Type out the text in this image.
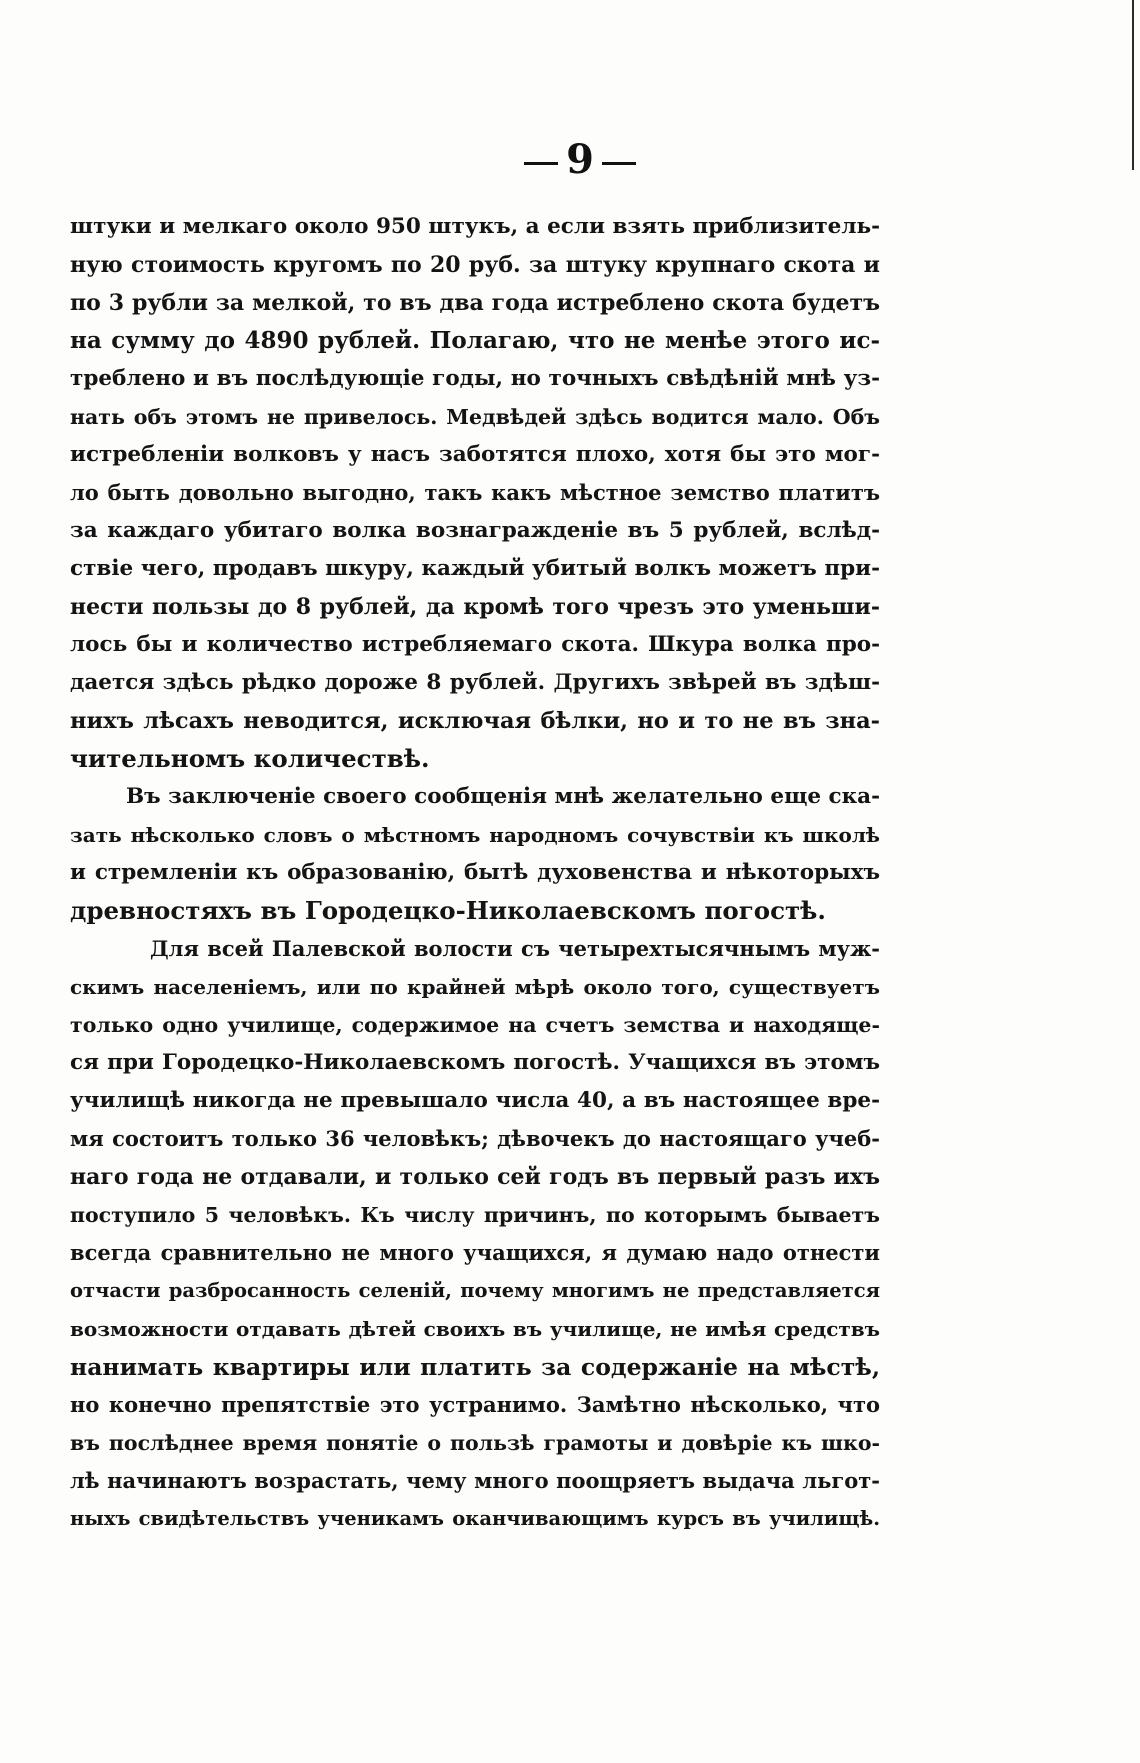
9
штуки и мелкаго около 950 штукъ, а если взять приблизитель-
ную стоимость кругомъ по 20 руб. за штуку крупнаго скота и
по 3 рубли за мелкой, то въ два года истреблено скота будетъ
на сумму до 4890 рублей. Полагаю, что не менѣе этого ис-
треблено и въ послѣдующіе годы, но точныхъ свѣдѣній мнѣ уз-
нать объ этомъ не привелось. Медвѣдей здѣсь водится мало. Объ
истребленіи волковъ у насъ заботятся плохо, хотя бы это мог-
ло быть довольно выгодно, такъ какъ мѣстное земство платитъ
за каждаго убитаго волка вознагражденіе въ 5 рублей, вслѣд-
ствіе чего, продавъ шкуру, каждый убитый волкъ можетъ при-
нести пользы до 8 рублей, да кромѣ того чрезъ это уменьши-
лось бы и количество истребляемаго скота. Шкура волка про-
дается здѣсь рѣдко дороже 8 рублей. Другихъ звѣрей въ здѣш-
нихъ лѣсахъ неводится, исключая бѣлки, но и то не въ зна-
чительномъ количествѣ.
Въ заключеніе своего сообщенія мнѣ желательно еще ска-
зать нѣсколько словъ о мѣстномъ народномъ сочувствіи къ школѣ
и стремленіи къ образованію, бытѣ духовенства и нѣкоторыхъ
древностяхъ въ Городецко-Николаевскомъ погостѣ.
Для всей Палевской волости съ четырехтысячнымъ муж-
скимъ населеніемъ, или по крайней мѣрѣ около того, существуетъ
только одно училище, содержимое на счетъ земства и находяще-
ся при Городецко-Николаевскомъ погостѣ. Учащихся въ этомъ
училищѣ никогда не превышало числа 40, а въ настоящее вре-
мя состоитъ только 36 человѣкъ; дѣвочекъ до настоящаго учеб-
наго года не отдавали, и только сей годъ въ первый разъ ихъ
поступило 5 человѣкъ. Къ числу причинъ, по которымъ бываетъ
всегда сравнительно не много учащихся, я думаю надо отнести
отчасти разбросанность селеній, почему многимъ не представляется
возможности отдавать дѣтей своихъ въ училище, не имѣя средствъ
нанимать квартиры или платить за содержаніе на мѣстѣ,
но конечно препятствіе это устранимо. Замѣтно нѣсколько, что
въ послѣднее время понятіе о пользѣ грамоты и довѣріе къ шко-
лѣ начинаютъ возрастать, чему много поощряетъ выдача льгот-
ныхъ свидѣтельствъ ученикамъ оканчивающимъ курсъ въ училищѣ.
